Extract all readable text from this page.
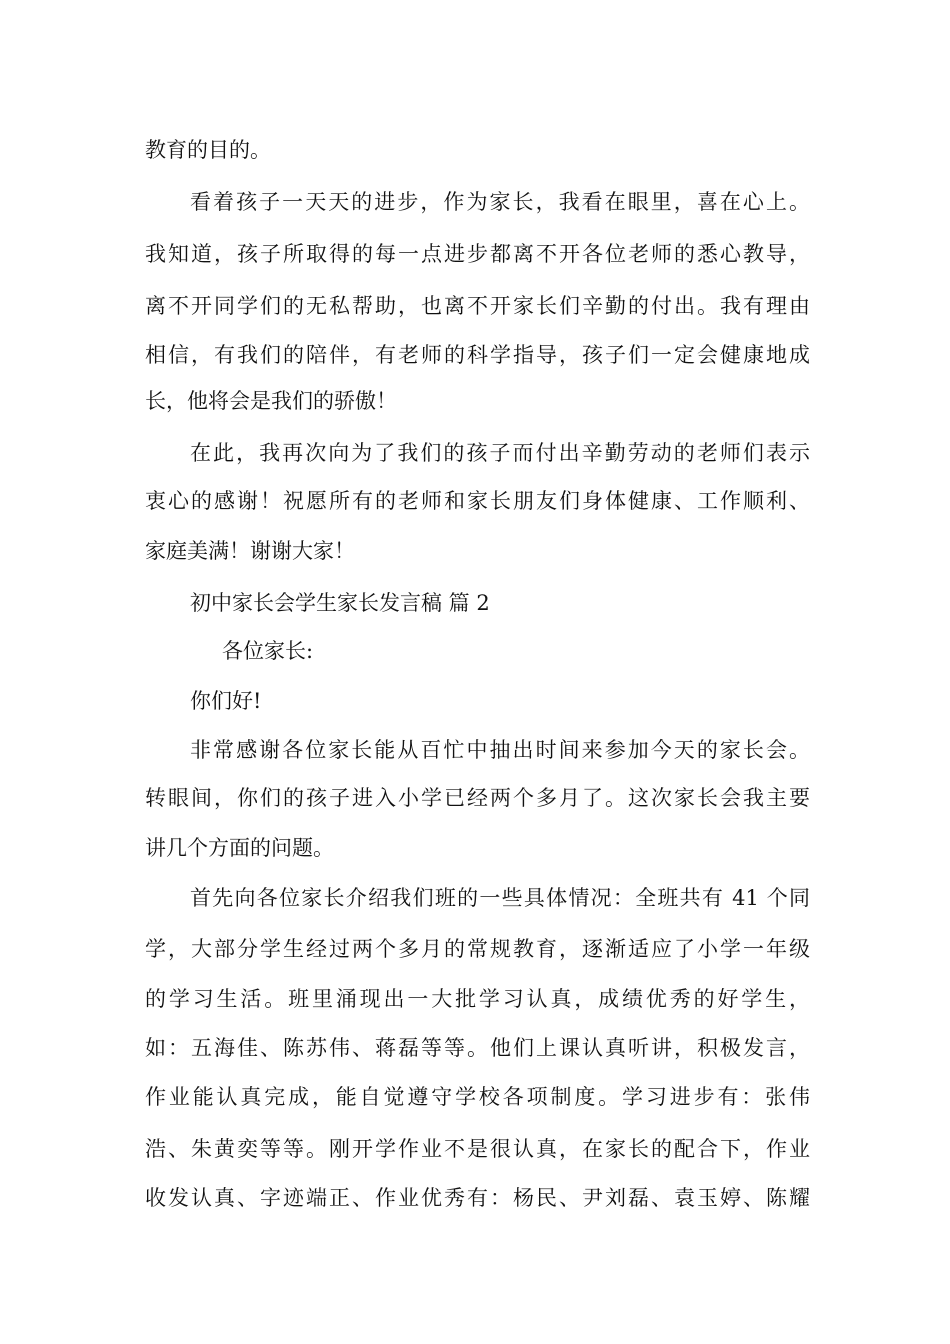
教育的目的。
看着孩子一天天的进步，作为家长，我看在眼里，喜在心上。
我知道，孩子所取得的每一点进步都离不开各位老师的悉心教导，
离不开同学们的无私帮助，也离不开家长们辛勤的付出。我有理由
相信，有我们的陪伴，有老师的科学指导，孩子们一定会健康地成
长，他将会是我们的骄傲！
在此，我再次向为了我们的孩子而付出辛勤劳动的老师们表示
衷心的感谢！祝愿所有的老师和家长朋友们身体健康、工作顺利、
家庭美满！谢谢大家！
初中家长会学生家长发言稿 篇 2
各位家长:
你们好!
非常感谢各位家长能从百忙中抽出时间来参加今天的家长会。
转眼间，你们的孩子进入小学已经两个多月了。这次家长会我主要
讲几个方面的问题。
首先向各位家长介绍我们班的一些具体情况：全班共有 41 个同
学，大部分学生经过两个多月的常规教育，逐渐适应了小学一年级
的学习生活。班里涌现出一大批学习认真，成绩优秀的好学生，
如：五海佳、陈苏伟、蒋磊等等。他们上课认真听讲，积极发言，
作业能认真完成，能自觉遵守学校各项制度。学习进步有：张伟
浩、朱黄奕等等。刚开学作业不是很认真，在家长的配合下，作业
收发认真、字迹端正、作业优秀有：杨民、尹刘磊、袁玉婷、陈耀
